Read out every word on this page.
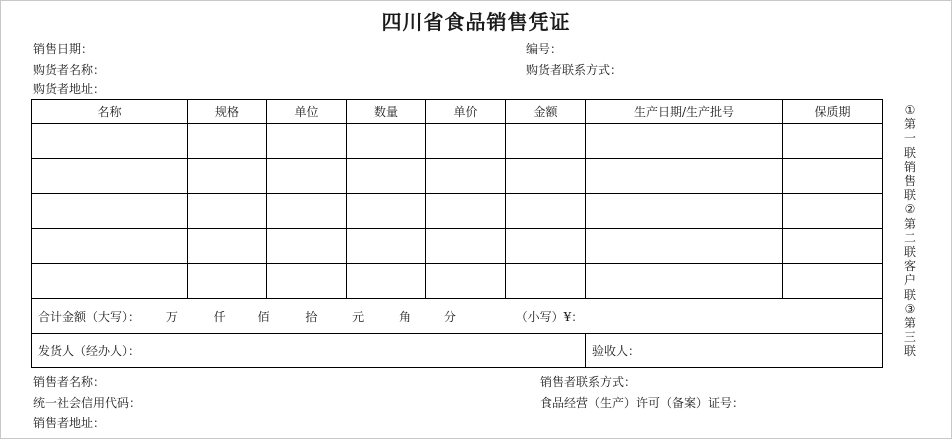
四川省食品销售凭证
销售日期：	编号：
购货者名称：	购货者联系方式：
购货者地址：
名称	规格	单位	数量	单价	金额	生产日期/生产批号	保质期

合计金额（大写）： 万 仟 佰 拾 元 角 分 （小写）¥：							
发货人（经办人）：						验收人：	
①
第
一
联
销
售
联
②
第
二
联
客
户
联
③
第
三
联
销售者名称：	销售者联系方式：
统一社会信用代码：	食品经营（生产）许可（备案）证号：
销售者地址：
